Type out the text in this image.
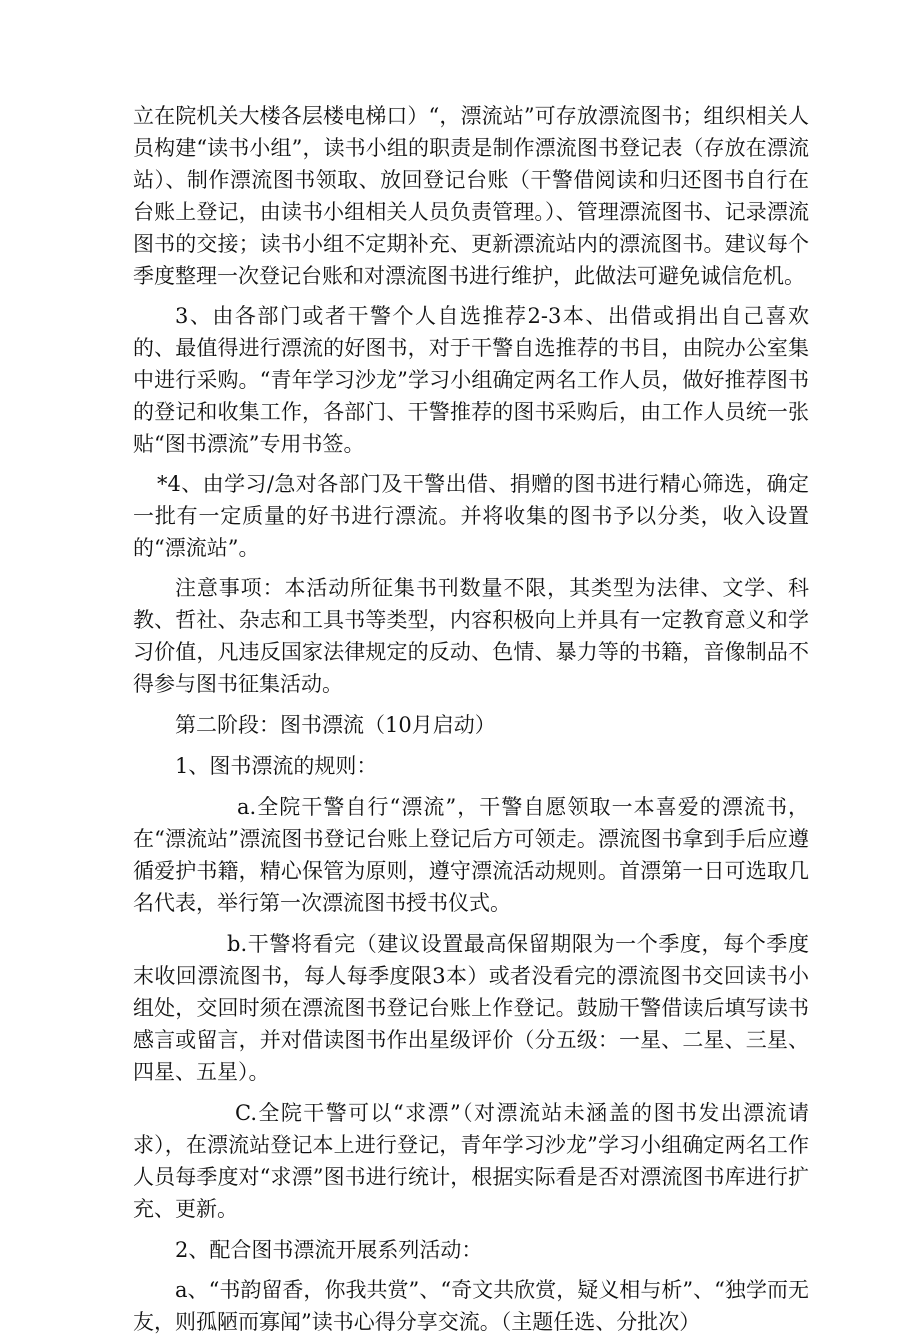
立在院机关大楼各层楼电梯口）“，漂流站”可存放漂流图书；组织相关人员构建“读书小组”，读书小组的职责是制作漂流图书登记表（存放在漂流站）、制作漂流图书领取、放回登记台账（干警借阅读和归还图书自行在台账上登记，由读书小组相关人员负责管理。）、管理漂流图书、记录漂流图书的交接；读书小组不定期补充、更新漂流站内的漂流图书。建议每个季度整理一次登记台账和对漂流图书进行维护，此做法可避免诚信危机。

3、由各部门或者干警个人自选推荐2-3本、出借或捐出自己喜欢的、最值得进行漂流的好图书，对于干警自选推荐的书目，由院办公室集中进行采购。“青年学习沙龙”学习小组确定两名工作人员，做好推荐图书的登记和收集工作，各部门、干警推荐的图书采购后，由工作人员统一张贴“图书漂流”专用书签。

*4、由学习/急对各部门及干警出借、捐赠的图书进行精心筛选，确定一批有一定质量的好书进行漂流。并将收集的图书予以分类，收入设置的“漂流站”。

注意事项：本活动所征集书刊数量不限，其类型为法律、文学、科教、哲社、杂志和工具书等类型，内容积极向上并具有一定教育意义和学习价值，凡违反国家法律规定的反动、色情、暴力等的书籍，音像制品不得参与图书征集活动。

第二阶段：图书漂流（10月启动）

1、图书漂流的规则：

a.全院干警自行“漂流”，干警自愿领取一本喜爱的漂流书，在“漂流站”漂流图书登记台账上登记后方可领走。漂流图书拿到手后应遵循爱护书籍，精心保管为原则，遵守漂流活动规则。首漂第一日可选取几名代表，举行第一次漂流图书授书仪式。

b.干警将看完（建议设置最高保留期限为一个季度，每个季度末收回漂流图书，每人每季度限3本）或者没看完的漂流图书交回读书小组处，交回时须在漂流图书登记台账上作登记。鼓励干警借读后填写读书感言或留言，并对借读图书作出星级评价（分五级：一星、二星、三星、四星、五星）。

C.全院干警可以“求漂”（对漂流站未涵盖的图书发出漂流请求），在漂流站登记本上进行登记，青年学习沙龙”学习小组确定两名工作人员每季度对“求漂”图书进行统计，根据实际看是否对漂流图书库进行扩充、更新。

2、配合图书漂流开展系列活动：

a、“书韵留香，你我共赏”、“奇文共欣赏，疑义相与析”、“独学而无友，则孤陋而寡闻”读书心得分享交流。（主题任选、分批次）
